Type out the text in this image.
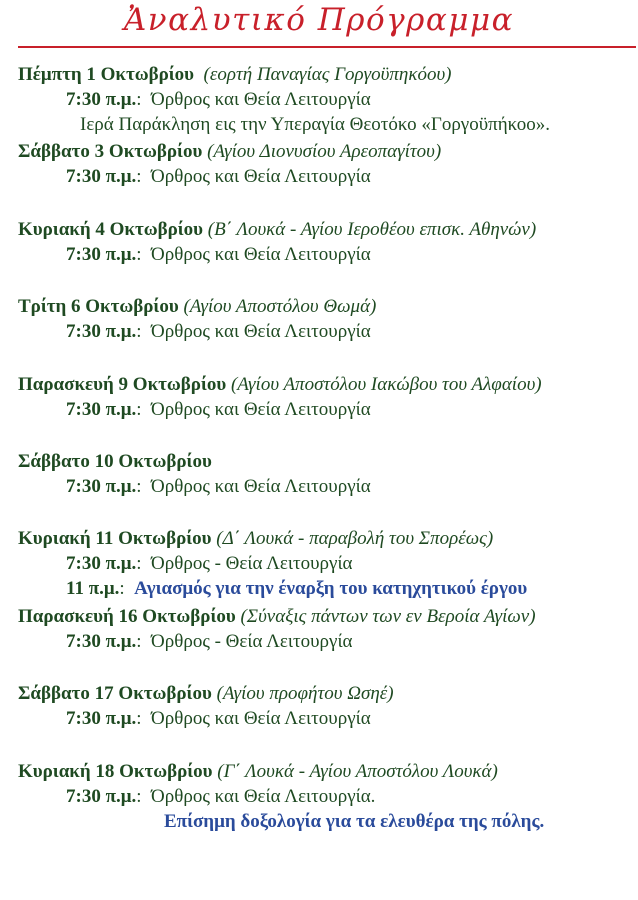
Ἀναλυτικό Πρόγραμμα
Πέμπτη 1 Οκτωβρίου (εορτή Παναγίας Γοργοϋπηκόου)
7:30 π.μ.:  Όρθρος και Θεία Λειτουργία
Ιερά Παράκληση εις την Υπεραγία Θεοτόκο «Γοργοϋπήκοο».
Σάββατο 3 Οκτωβρίου (Αγίου Διονυσίου Αρεοπαγίτου)
7:30 π.μ.:  Όρθρος και Θεία Λειτουργία
Κυριακή 4 Οκτωβρίου (Β΄ Λουκά - Αγίου Ιεροθέου επισκ. Αθηνών)
7:30 π.μ.:  Όρθρος και Θεία Λειτουργία
Τρίτη 6 Οκτωβρίου (Αγίου Αποστόλου Θωμά)
7:30 π.μ.:  Όρθρος και Θεία Λειτουργία
Παρασκευή 9 Οκτωβρίου (Αγίου Αποστόλου Ιακώβου του Αλφαίου)
7:30 π.μ.:  Όρθρος και Θεία Λειτουργία
Σάββατο 10 Οκτωβρίου
7:30 π.μ.:  Όρθρος και Θεία Λειτουργία
Κυριακή 11 Οκτωβρίου (Δ΄ Λουκά - παραβολή του Σπορέως)
7:30 π.μ.:  Όρθρος - Θεία Λειτουργία
11 π.μ.:  Αγιασμός για την έναρξη του κατηχητικού έργου
Παρασκευή 16 Οκτωβρίου (Σύναξις πάντων των εν Βεροία Αγίων)
7:30 π.μ.:  Όρθρος - Θεία Λειτουργία
Σάββατο 17 Οκτωβρίου (Αγίου προφήτου Ωσηέ)
7:30 π.μ.:  Όρθρος και Θεία Λειτουργία
Κυριακή 18 Οκτωβρίου (Γ΄ Λουκά - Αγίου Αποστόλου Λουκά)
7:30 π.μ.:  Όρθρος και Θεία Λειτουργία.
Επίσημη δοξολογία για τα ελευθέρα της πόλης.
